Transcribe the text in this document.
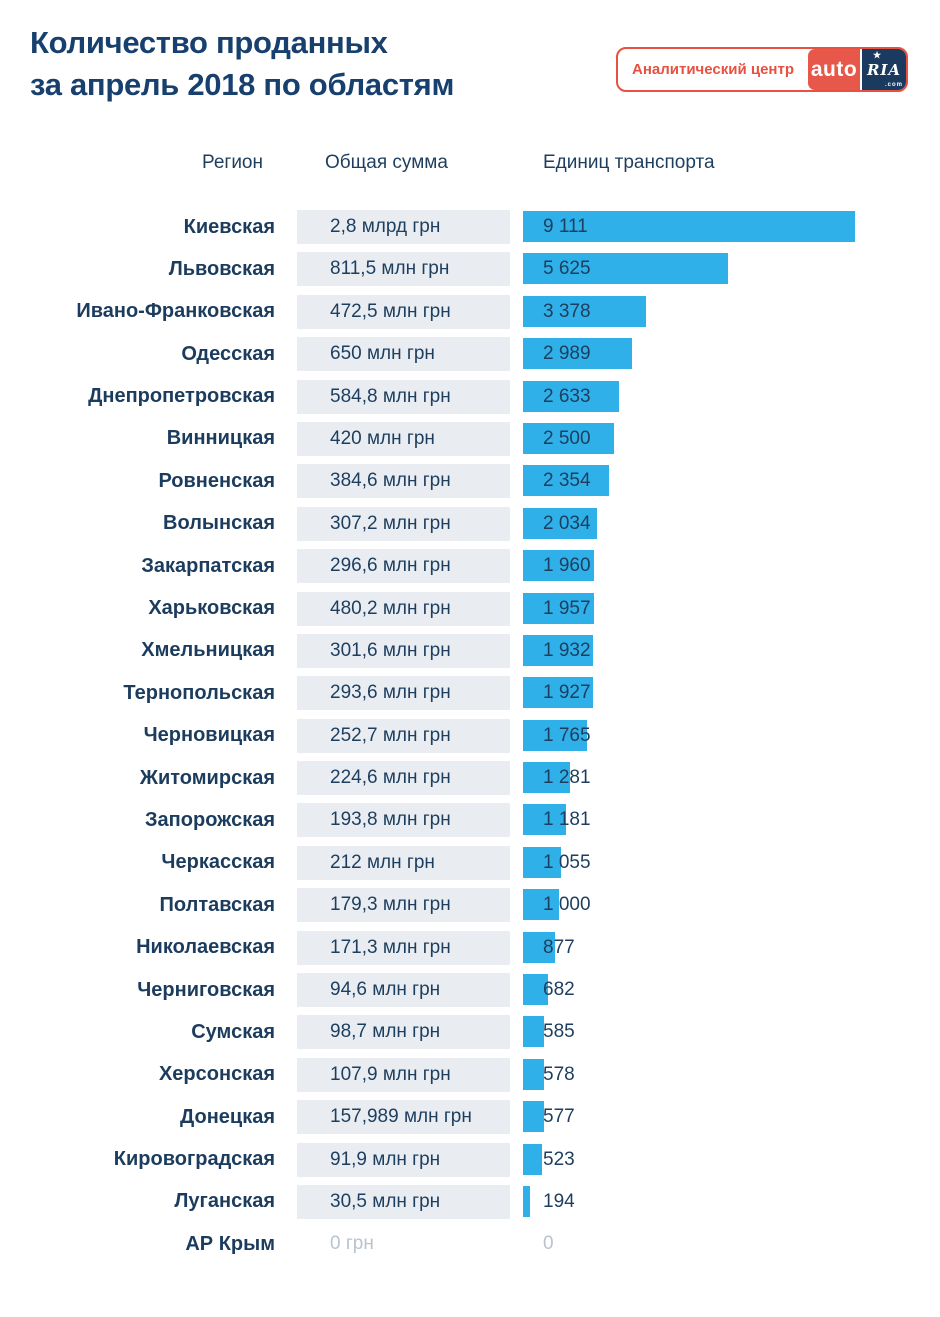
Количество проданных
за апрель 2018 по областям	Аналитический центр auto
★
RIA
.com
Регион	Общая сумма	Единиц транспорта
Киевская	2,8 млрд грн	9 111
Львовская	811,5 млн грн	5 625
Ивано-Франковская	472,5 млн грн	3 378
Одесская	650 млн грн	2 989
Днепропетровская	584,8 млн грн	2 633
Винницкая	420 млн грн	2 500
Ровненская	384,6 млн грн	2 354
Волынская	307,2 млн грн	2 034
Закарпатская	296,6 млн грн	1 960
Харьковская	480,2 млн грн	1 957
Хмельницкая	301,6 млн грн	1 932
Тернопольская	293,6 млн грн	1 927
Черновицкая	252,7 млн грн	1 765
Житомирская	224,6 млн грн	1 281
Запорожская	193,8 млн грн	1 181
Черкасская	212 млн грн	1 055
Полтавская	179,3 млн грн	1 000
Николаевская	171,3 млн грн	877
Черниговская	94,6 млн грн	682
Сумская	98,7 млн грн	585
Херсонская	107,9 млн грн	578
Донецкая	157,989 млн грн	577
Кировоградская	91,9 млн грн	523
Луганская	30,5 млн грн	194
АР Крым	0 грн	0
